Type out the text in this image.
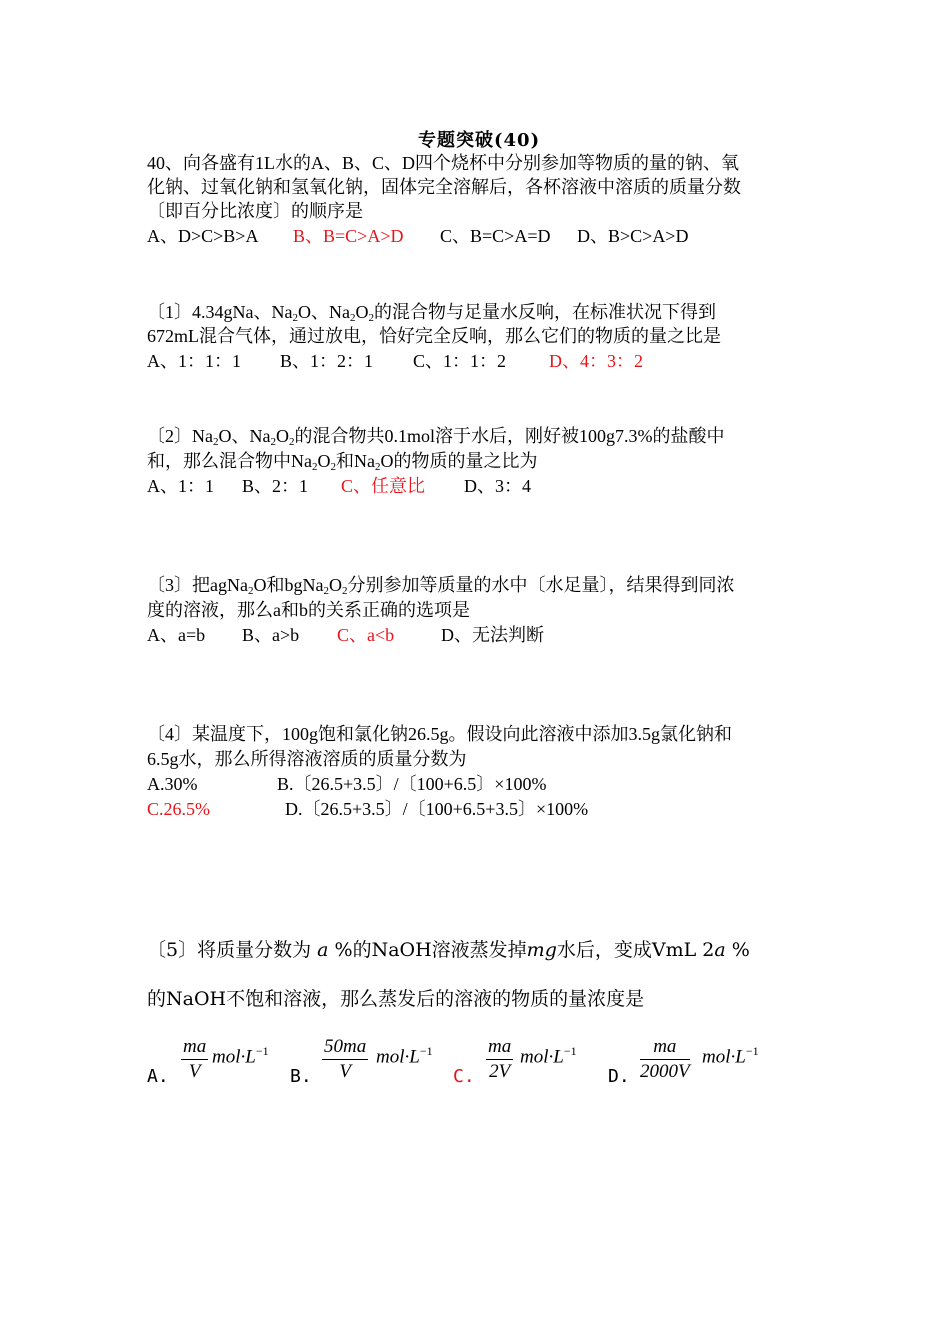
专题突破(40)
40、向各盛有1L水的A、B、C、D四个烧杯中分别参加等物质的量的钠、氧
化钠、过氧化钠和氢氧化钠，固体完全溶解后，各杯溶液中溶质的质量分数
〔即百分比浓度〕的顺序是
A、D>C>B>A B、B=C>A>D C、B=C>A=D D、B>C>A>D
〔1〕4.34gNa、$Na_2O$、$Na_2O_2$的混合物与足量水反响，在标准状况下得到
672mL混合气体，通过放电，恰好完全反响，那么它们的物质的量之比是
A、1：1：1 B、1：2：1 C、1：1：2 D、4：3：2
〔2〕$Na_2O$、$Na_2O_2$的混合物共0.1mol溶于水后，刚好被100g7.3%的盐酸中
和，那么混合物中$Na_2O_2$和$Na_2O$的物质的量之比为
A、1：1 B、2：1 C、任意比 D、3：4
〔3〕把agNa$_2$O和$bgNa_2O_2$分别参加等质量的水中〔水足量〕，结果得到同浓
度的溶液，那么a和b的关系正确的选项是
A、a=b B、a>b C、a<b	D、无法判断
〔4〕某温度下，100g饱和氯化钠26.5g。假设向此溶液中添加3.5g氯化钠和
6.5g水，那么所得溶液溶质的质量分数为
A.30%	B.〔26.5+3.5〕/〔100+6.5〕×100%
C.26.5%	D.〔26.5+3.5〕/〔100+6.5+3.5〕×100%
〔5〕将质量分数为 a %的NaOH溶液蒸发掉mg水后，变成VmL 2a %
的NaOH不饱和溶液，那么蒸发后的溶液的物质的量浓度是
A. $\frac{ma}{V} mol\cdot L^{-1}$
B. $\frac{50ma}{V} mol\cdot L^{-1}$
C. $\frac{ma}{2V} mol\cdot L^{-1}$
D. $\frac{ma}{2000V} mol\cdot L^{-1}$
